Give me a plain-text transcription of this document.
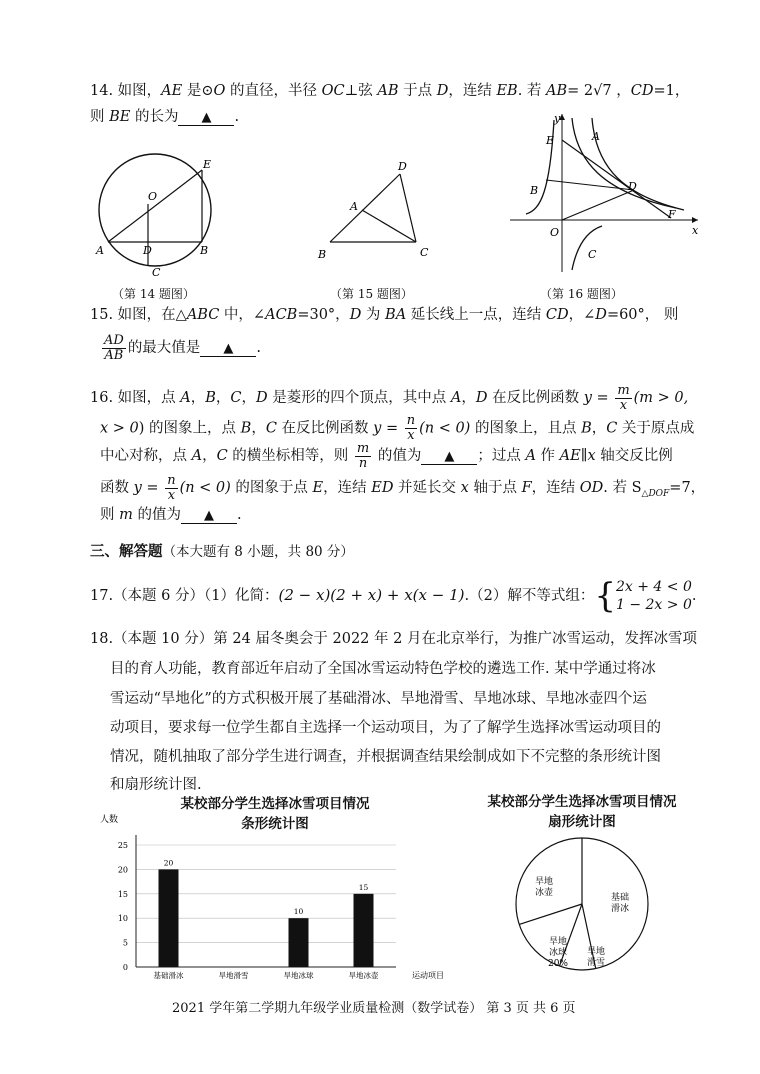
14. 如图，AE 是⊙O 的直径，半径 OC⊥弦 AB 于点 D，连结 EB. 若 AB= 2√7 ，CD=1，
则 BE 的长为 ▲ .
E
O
A	D	B
C
（第 14 题图）
D
A
B	C
（第 15 题图）
y
A
E
B	D
F
O	x
C
（第 16 题图）
15. 如图，在△ABC 中，∠ACB=30°，D 为 BA 延长线上一点，连结 CD，∠D=60°， 则
$\frac{AD}{AB}$ 的最大值是 ▲ .
16. 如图，点 A，B，C，D 是菱形的四个顶点，其中点 A，D 在反比例函数 $y = \frac{m}{x} (m > 0$,
x > 0) 的图象上，点 B，C 在反比例函数 $y = \frac{n}{x} (n < 0)$ 的图象上，且点 B，C 关于原点成
中心对称，点 A，C 的横坐标相等，则 $\frac{m}{n}$ 的值为 ▲ ；过点 A 作 AE∥x 轴交反比例
函数 $y = \frac{n}{x} (n < 0)$ 的图象于点 E，连结 ED 并延长交 x 轴于点 F，连结 OD. 若 $S_{\triangle DOF}=7$，
则 m 的值为 ▲ .
三、解答题（本大题有 8 小题，共 80 分）
17.（本题 6 分）（1）化简：(2 − x)(2 + x) + x(x − 1).（2）解不等式组：{ 2x + 4 < 0
1 − 2x > 0
.
18.（本题 10 分）第 24 届冬奥会于 2022 年 2 月在北京举行，为推广冰雪运动，发挥冰雪项
目的育人功能，教育部近年启动了全国冰雪运动特色学校的遴选工作. 某中学通过将冰
雪运动“旱地化”的方式积极开展了基础滑冰、旱地滑雪、旱地冰球、旱地冰壶四个运
动项目，要求每一位学生都自主选择一个运动项目，为了了解学生选择冰雪运动项目的
情况，随机抽取了部分学生进行调查，并根据调查结果绘制成如下不完整的条形统计图
和扇形统计图.
某校部分学生选择冰雪项目情况
条形统计图
人数
0
5
10
15
20
25
20
基础滑冰	旱地滑雪
10
旱地冰球
15
旱地冰壶	运动项目
某校部分学生选择冰雪项目情况
扇形统计图
基础滑冰
旱地滑雪
旱地冰球 20%
旱地冰壶
2021 学年第二学期九年级学业质量检测（数学试卷） 第 3 页 共 6 页
